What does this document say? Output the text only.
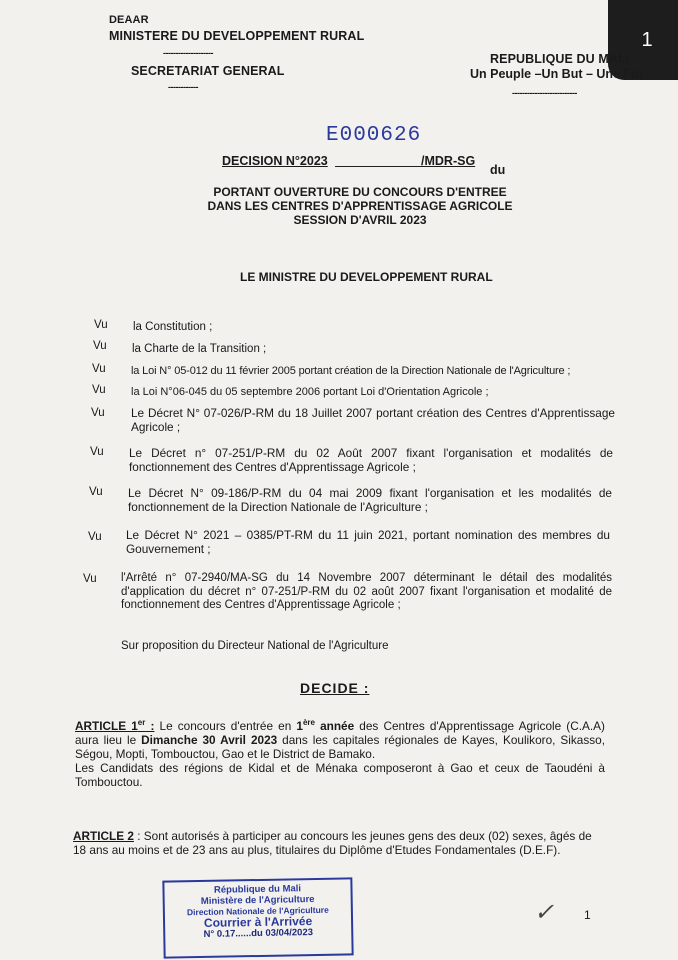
1
DEAAR
MINISTERE DU DEVELOPPEMENT RURAL
--------------------
SECRETARIAT GENERAL
------------
REPUBLIQUE DU MALI
Un Peuple –Un But – Une Foi
--------------------------
E000626
DECISION N°2023	/MDR-SG
du
PORTANT OUVERTURE DU CONCOURS D'ENTREE
DANS LES CENTRES D'APPRENTISSAGE AGRICOLE
SESSION D'AVRIL 2023
LE MINISTRE DU DEVELOPPEMENT RURAL
Vu la Constitution ;
Vu la Charte de la Transition ;
Vu la Loi N° 05-012 du 11 février 2005 portant création de la Direction Nationale de l'Agriculture ;
Vu la Loi N°06-045 du 05 septembre 2006 portant Loi d'Orientation Agricole ;
Vu Le Décret N° 07-026/P-RM du 18 Juillet 2007 portant création des Centres d'Apprentissage Agricole ;
Vu Le Décret n° 07-251/P-RM du 02 Août 2007 fixant l'organisation et modalités de fonctionnement des Centres d'Apprentissage Agricole ;
Vu Le Décret N° 09-186/P-RM du 04 mai 2009 fixant l'organisation et les modalités de fonctionnement de la Direction Nationale de l'Agriculture ;
Vu Le Décret N° 2021 – 0385/PT-RM du 11 juin 2021, portant nomination des membres du Gouvernement ;
Vu l'Arrêté n° 07-2940/MA-SG du 14 Novembre 2007 déterminant le détail des modalités d'application du décret n° 07-251/P-RM du 02 août 2007 fixant l'organisation et modalité de fonctionnement des Centres d'Apprentissage Agricole ;
Sur proposition du Directeur National de l'Agriculture
DECIDE :
ARTICLE 1er : Le concours d'entrée en 1ère année des Centres d'Apprentissage Agricole (C.A.A) aura lieu le Dimanche 30 Avril 2023 dans les capitales régionales de Kayes, Koulikoro, Sikasso, Ségou, Mopti, Tombouctou, Gao et le District de Bamako.
Les Candidats des régions de Kidal et de Ménaka composeront à Gao et ceux de Taoudéni à Tombouctou.
ARTICLE 2 : Sont autorisés à participer au concours les jeunes gens des deux (02) sexes, âgés de 18 ans au moins et de 23 ans au plus, titulaires du Diplôme d'Etudes Fondamentales (D.E.F).
République du Mali
Ministère de l'Agriculture
Direction Nationale de l'Agriculture
Courrier à l'Arrivée
N° 0.17......du 03/04/2023
✓ 1
